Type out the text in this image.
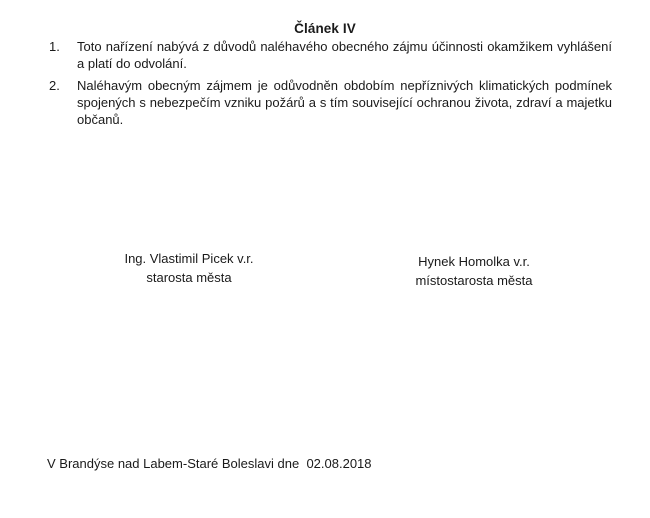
Článek IV
1. Toto nařízení nabývá z důvodů naléhavého obecného zájmu účinnosti okamžikem vyhlášení a platí do odvolání.
2. Naléhavým obecným zájmem je odůvodněn obdobím nepříznivých klimatických podmínek spojených s nebezpečím vzniku požárů a s tím související ochranou života, zdraví a majetku občanů.
Ing. Vlastimil Picek v.r.
starosta města
Hynek Homolka v.r.
místostarosta města
V Brandýse nad Labem-Staré Boleslavi dne 02.08.2018
